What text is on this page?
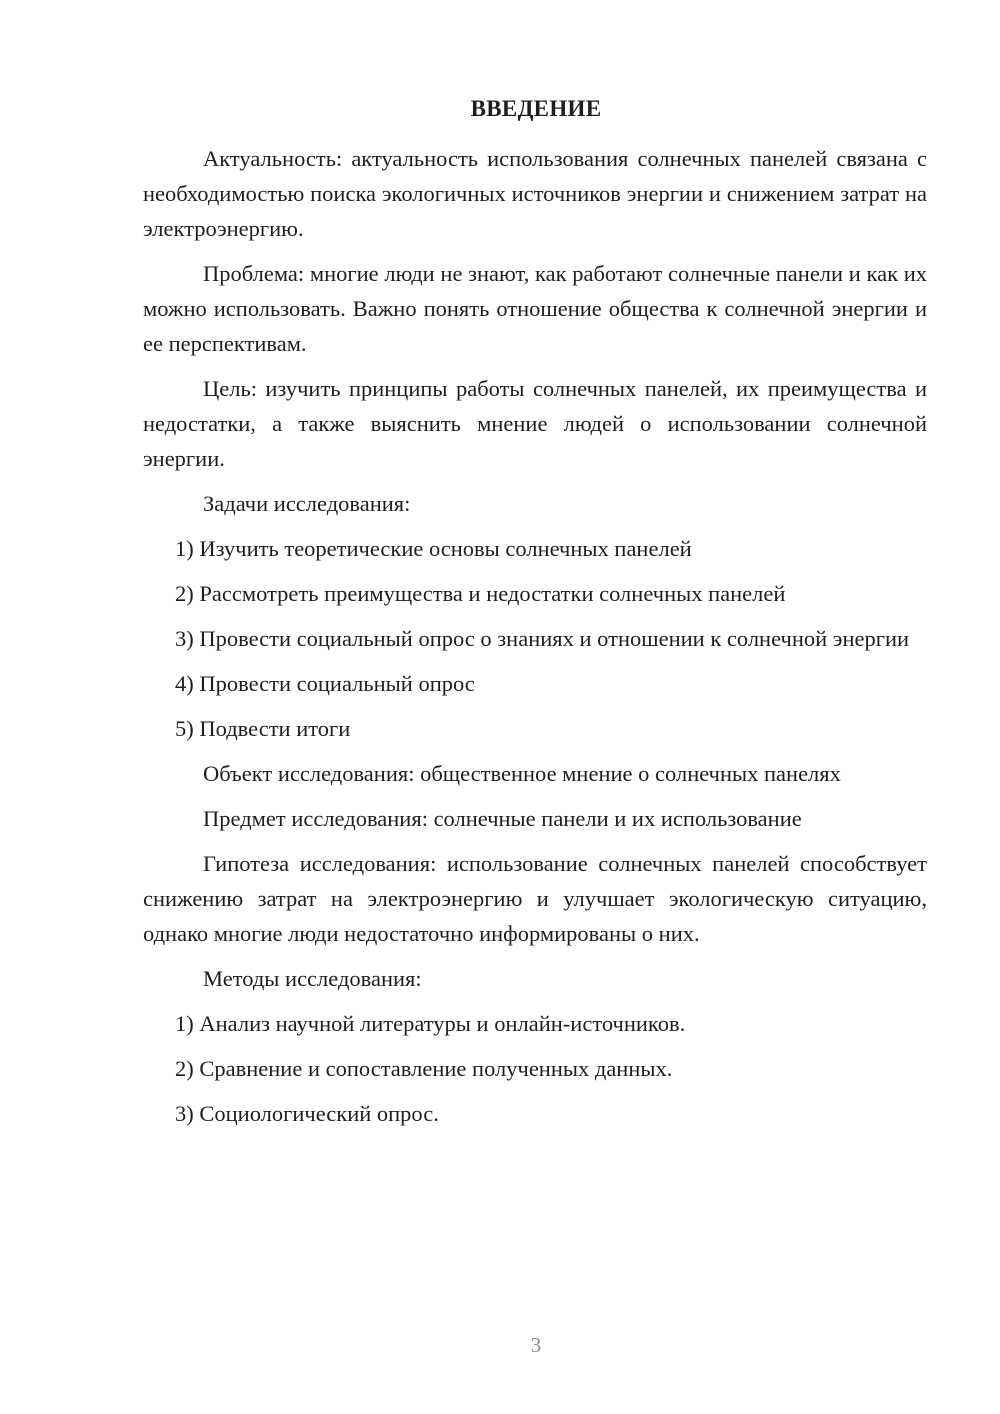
ВВЕДЕНИЕ

Актуальность: актуальность использования солнечных панелей связана с необходимостью поиска экологичных источников энергии и снижением затрат на электроэнергию.

Проблема: многие люди не знают, как работают солнечные панели и как их можно использовать. Важно понять отношение общества к солнечной энергии и ее перспективам.

Цель: изучить принципы работы солнечных панелей, их преимущества и недостатки, а также выяснить мнение людей о использовании солнечной энергии.

Задачи исследования:

1) Изучить теоретические основы солнечных панелей

2) Рассмотреть преимущества и недостатки солнечных панелей

3) Провести социальный опрос о знаниях и отношении к солнечной энергии

4) Провести социальный опрос

5) Подвести итоги

Объект исследования: общественное мнение о солнечных панелях

Предмет исследования: солнечные панели и их использование

Гипотеза исследования: использование солнечных панелей способствует снижению затрат на электроэнергию и улучшает экологическую ситуацию, однако многие люди недостаточно информированы о них.

Методы исследования:

1) Анализ научной литературы и онлайн-источников.

2) Сравнение и сопоставление полученных данных.

3) Социологический опрос.

3
